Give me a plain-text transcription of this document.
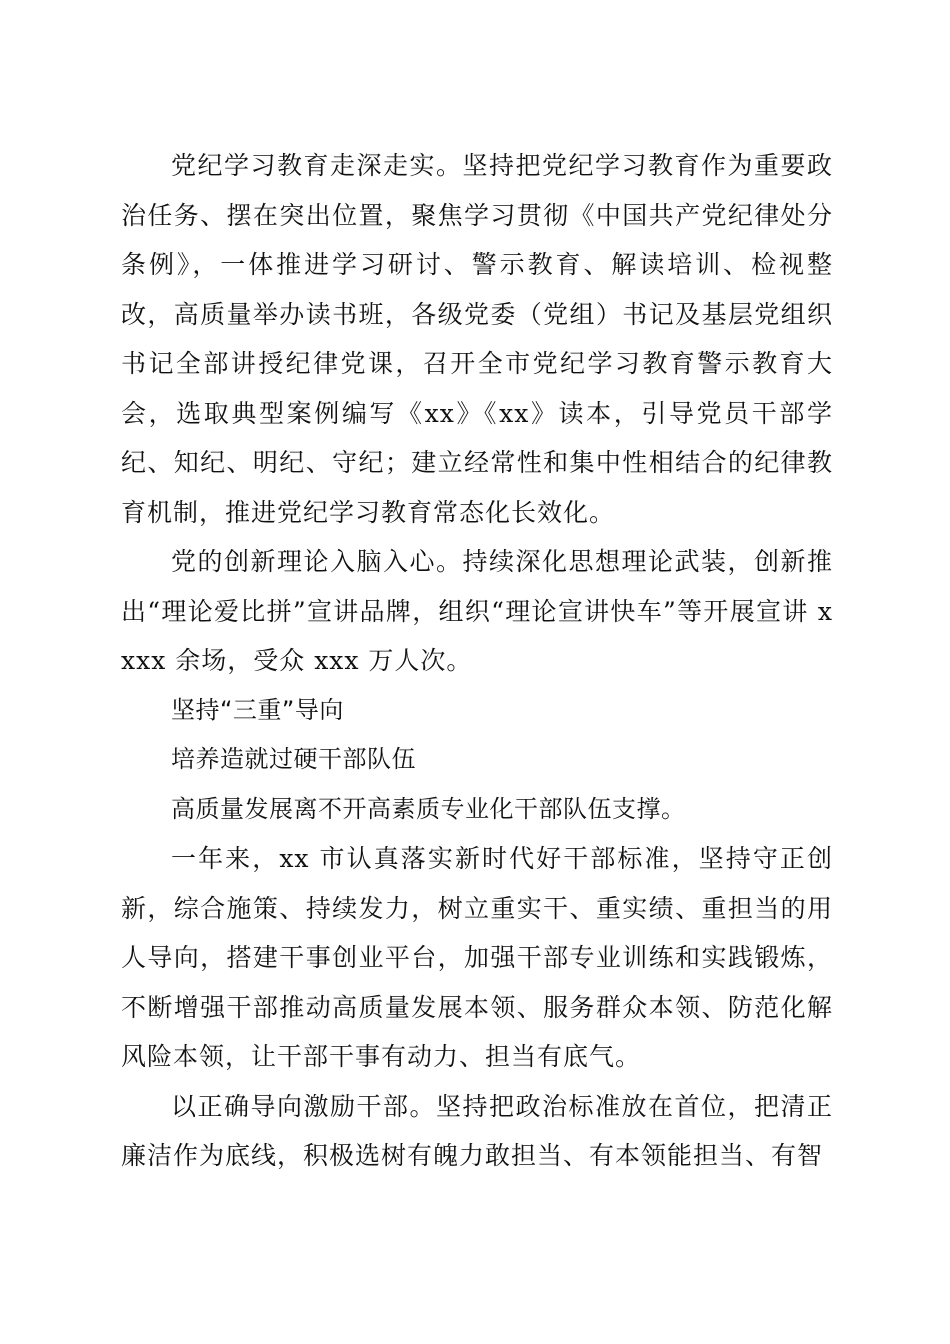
党纪学习教育走深走实。坚持把党纪学习教育作为重要政治任务、摆在突出位置，聚焦学习贯彻《中国共产党纪律处分条例》，一体推进学习研讨、警示教育、解读培训、检视整改，高质量举办读书班，各级党委（党组）书记及基层党组织书记全部讲授纪律党课，召开全市党纪学习教育警示教育大会，选取典型案例编写《xx》《xx》读本，引导党员干部学纪、知纪、明纪、守纪；建立经常性和集中性相结合的纪律教育机制，推进党纪学习教育常态化长效化。

党的创新理论入脑入心。持续深化思想理论武装，创新推出“理论爱比拼”宣讲品牌，组织“理论宣讲快车”等开展宣讲 xxxx 余场，受众 xxx 万人次。

坚持“三重”导向

培养造就过硬干部队伍

高质量发展离不开高素质专业化干部队伍支撑。

一年来，xx 市认真落实新时代好干部标准，坚持守正创新，综合施策、持续发力，树立重实干、重实绩、重担当的用人导向，搭建干事创业平台，加强干部专业训练和实践锻炼，不断增强干部推动高质量发展本领、服务群众本领、防范化解风险本领，让干部干事有动力、担当有底气。

以正确导向激励干部。坚持把政治标准放在首位，把清正廉洁作为底线，积极选树有魄力敢担当、有本领能担当、有智
